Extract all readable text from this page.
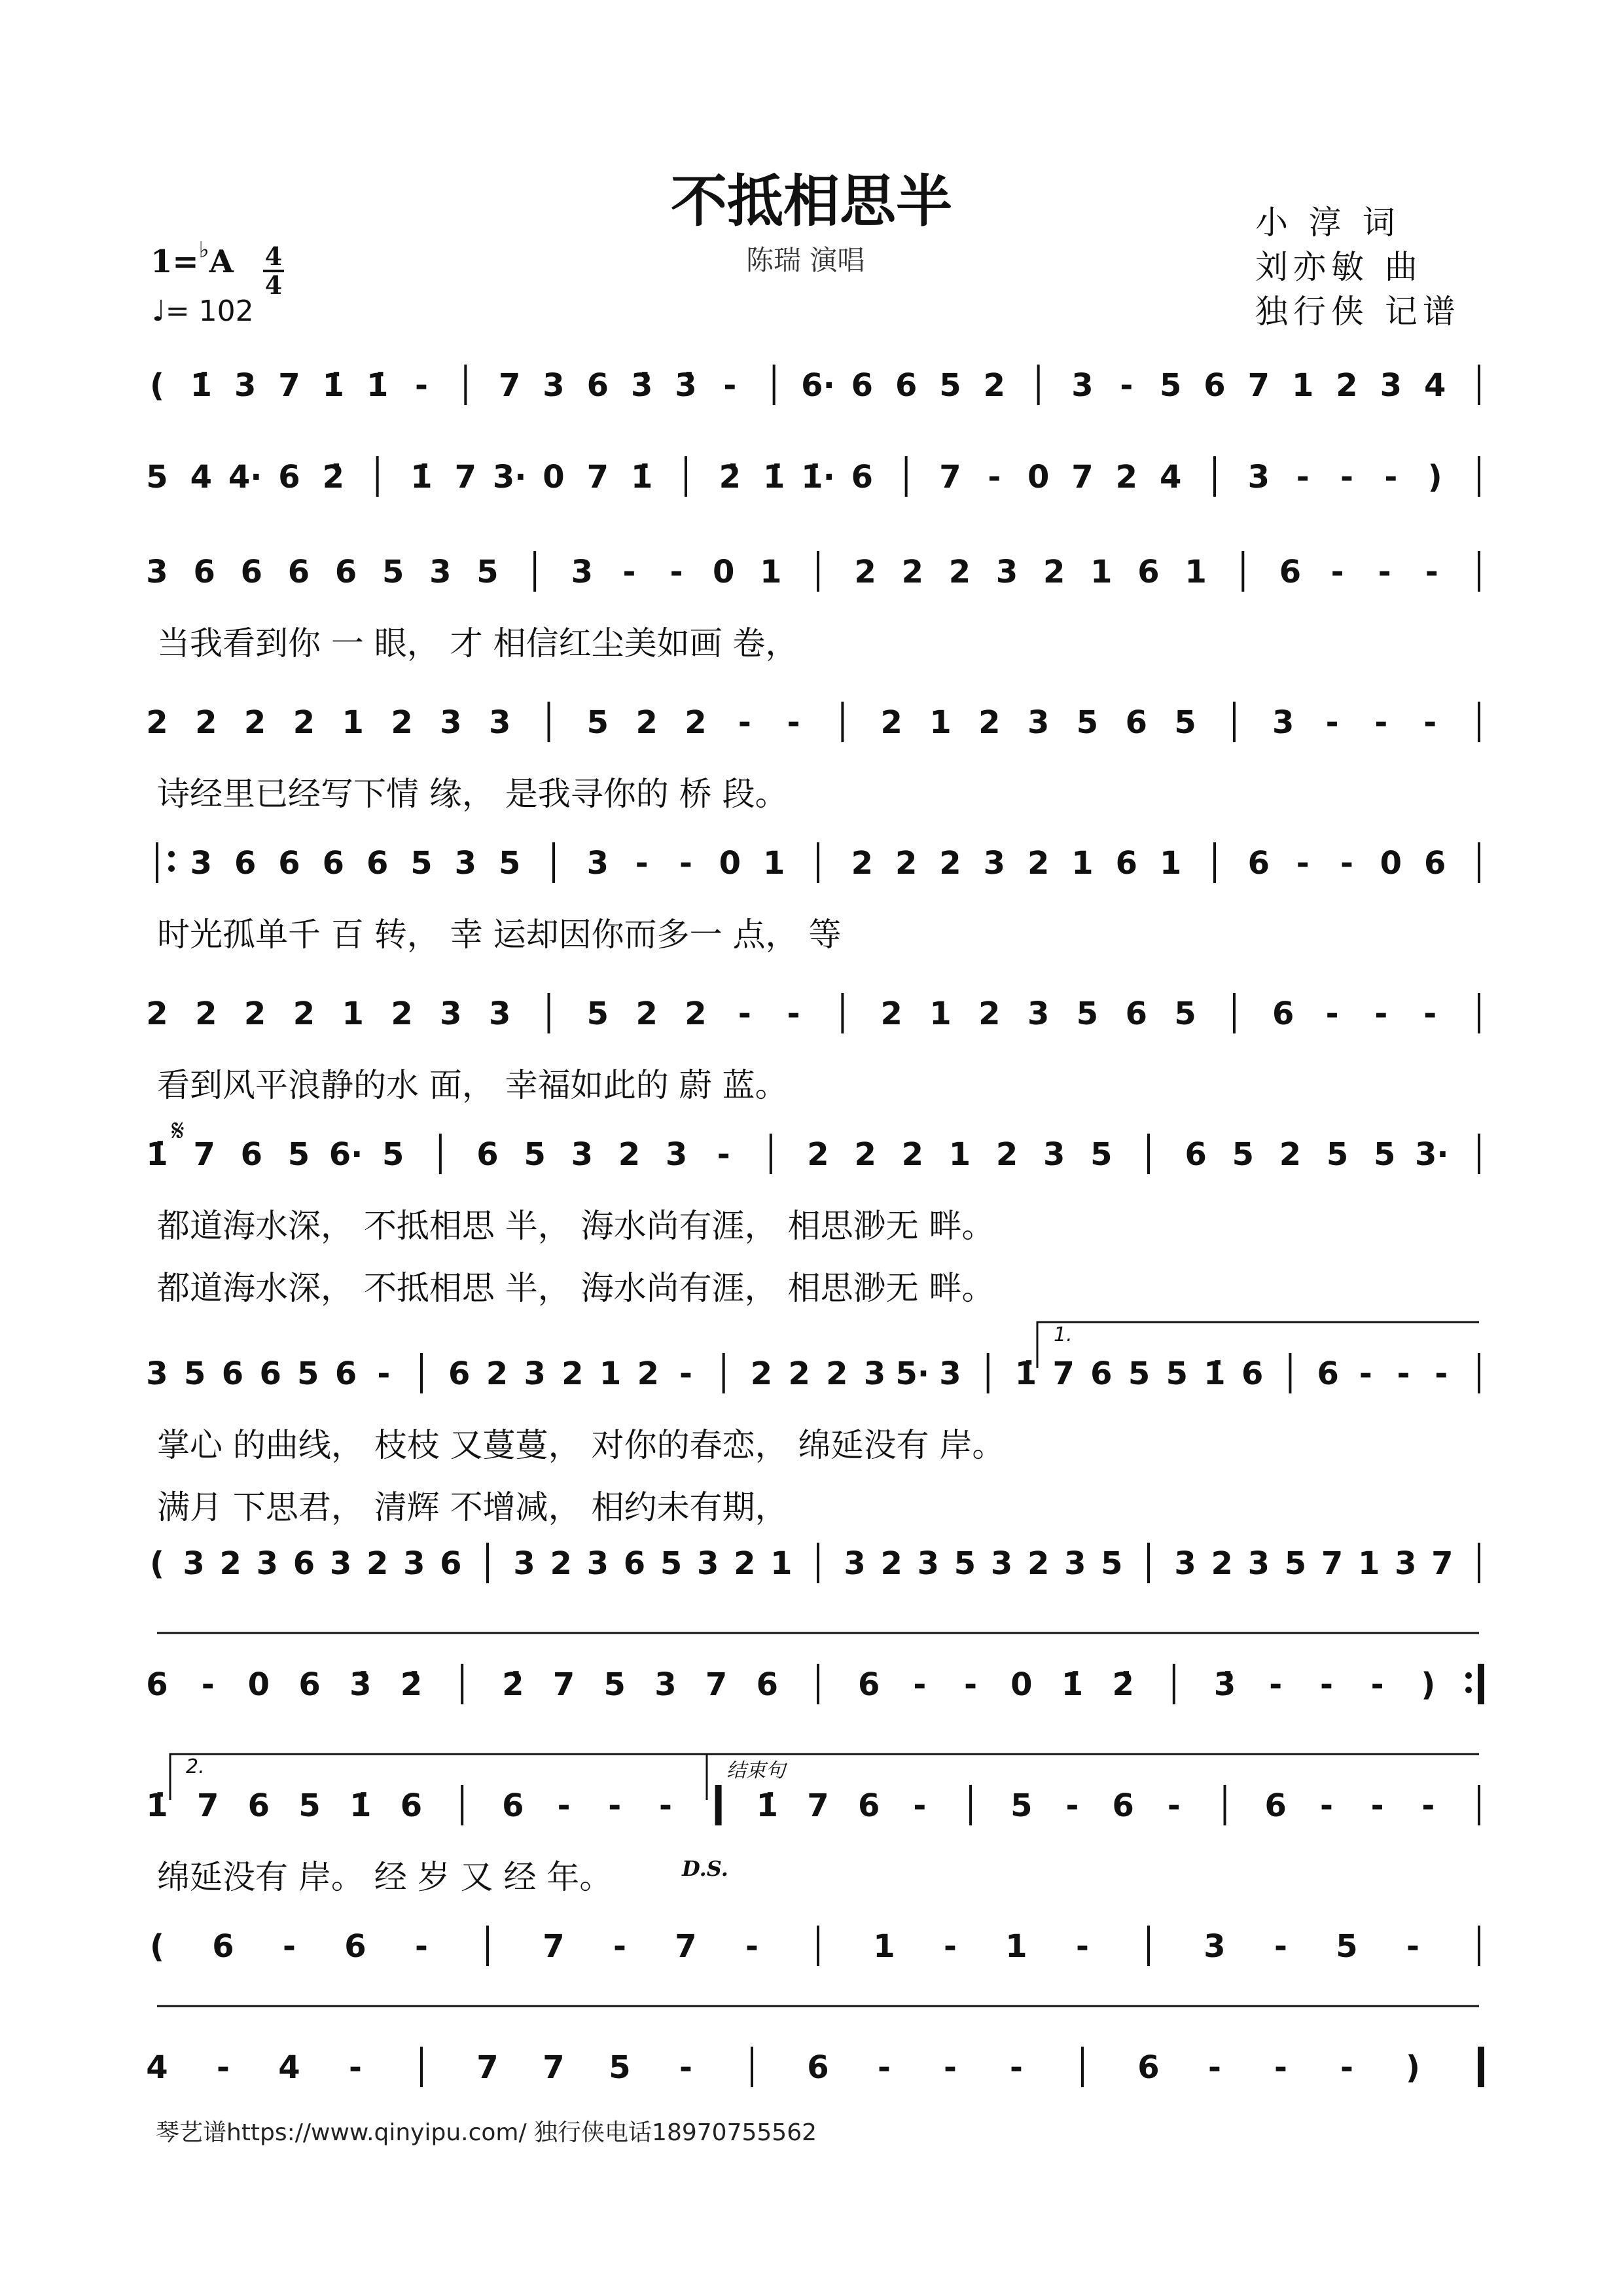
不抵相思半
陈瑞 演唱
小 淳 词
刘亦敏 曲
独行侠 记谱
1=♭A 4
4
♩= 102
( 1̇ 3 7 1̇ 1̇ - 7 3 6 3̇ 3̇ - 6· 6 6 5 2 3 - 5 6 7 1 2 3 4
5 4 4· 6 2̇ 1̇ 7 3· 0 7 1̇ 2̇ 1̇ 1̇· 6 7 - 0 7 2 4 3 - - - )
3 6 6 6 6 5 3 5 3 - - 0 1 2 2 2 3 2 1 6 1 6 - - -
2 2 2 2 1 2 3 3 5 2 2 - -	2 1 2 3 5 6 5 3 - - -
3 6 6 6 6 5 3 5 3 - - 0 1 2 2 2 3 2 1 6 1 6 - - 0 6
2 2 2 2 1 2 3 3 5 2 2 - -	2 1 2 3 5 6 5 6 - - -
1̇ 7 6 5 6· 5 6 5 3 2 3 - 2 2 2 1 2 3 5 6 5 2 5 5 3·
3 5 6 6 5 6 - 6 2 3 2 1 2 - 2 2 2 3 5· 3 1̇ 7 6 5 5 1̇ 6 6 - - -
( 3 2 3 6 3 2 3 6 3 2 3 6 5 3 2 1 3 2 3 5 3 2 3 5 3 2 3 5 7 1 3 7
6 - 0 6 3̇ 2̇	2̇ 7 5 3 7 6	6 - - 0 1̇ 2̇	3̇ - - - )
1̇ 7 6 5 1̇ 6	6 - - -	1̇ 7 6 -	5 - 6 -	6 - - -
( 6 - 6 -	7 - 7 -	1 - 1 -	3 - 5 -
4 - 4 -	7 7 5 -	6 - - -	6 - - - )
当我看到你 一 眼， 才 相信红尘美如画 卷，
诗经里已经写下情 缘， 是我寻你的 桥 段。
时光孤单千 百 转， 幸 运却因你而多一 点， 等
看到风平浪静的水 面， 幸福如此的 蔚 蓝。
都道海水深， 不抵相思 半， 海水尚有涯， 相思渺无 畔。
都道海水深， 不抵相思 半， 海水尚有涯， 相思渺无 畔。
掌心 的曲线， 枝枝 又蔓蔓， 对你的春恋， 绵延没有 岸。
满月 下思君， 清辉 不增减， 相约未有期，
绵延没有 岸。 经 岁 又 经 年。
𝄋
1.
2.	结束句
D.S.
琴艺谱https://www.qinyipu.com/ 独行侠电话18970755562
